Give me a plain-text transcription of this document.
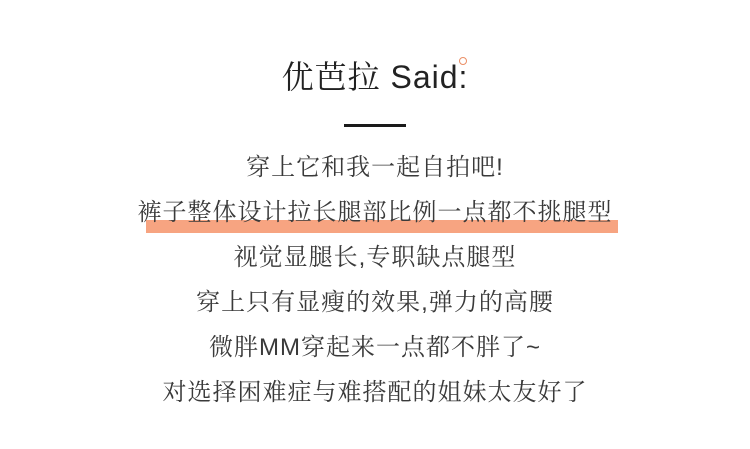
优芭拉 Said:
穿上它和我一起自拍吧!
裤子整体设计拉长腿部比例一点都不挑腿型
视觉显腿长,专职缺点腿型
穿上只有显瘦的效果,弹力的高腰
微胖MM穿起来一点都不胖了~
对选择困难症与难搭配的姐妹太友好了
